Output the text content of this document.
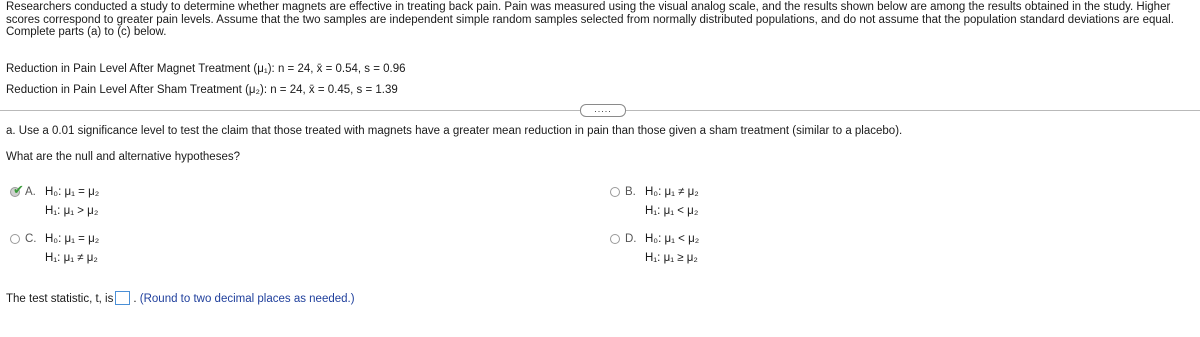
Researchers conducted a study to determine whether magnets are effective in treating back pain. Pain was measured using the visual analog scale, and the results shown below are among the results obtained in the study. Higher scores correspond to greater pain levels. Assume that the two samples are independent simple random samples selected from normally distributed populations, and do not assume that the population standard deviations are equal. Complete parts (a) to (c) below.
Reduction in Pain Level After Magnet Treatment (μ₁): n = 24, x̄ = 0.54, s = 0.96
Reduction in Pain Level After Sham Treatment (μ₂): n = 24, x̄ = 0.45, s = 1.39
.....
a. Use a 0.01 significance level to test the claim that those treated with magnets have a greater mean reduction in pain than those given a sham treatment (similar to a placebo).
What are the null and alternative hypotheses?
✔ A. H₀: μ₁ = μ₂
H₁: μ₁ > μ₂
B. H₀: μ₁ ≠ μ₂
H₁: μ₁ < μ₂
C. H₀: μ₁ = μ₂
H₁: μ₁ ≠ μ₂
D. H₀: μ₁ < μ₂
H₁: μ₁ ≥ μ₂
The test statistic, t, is . (Round to two decimal places as needed.)
